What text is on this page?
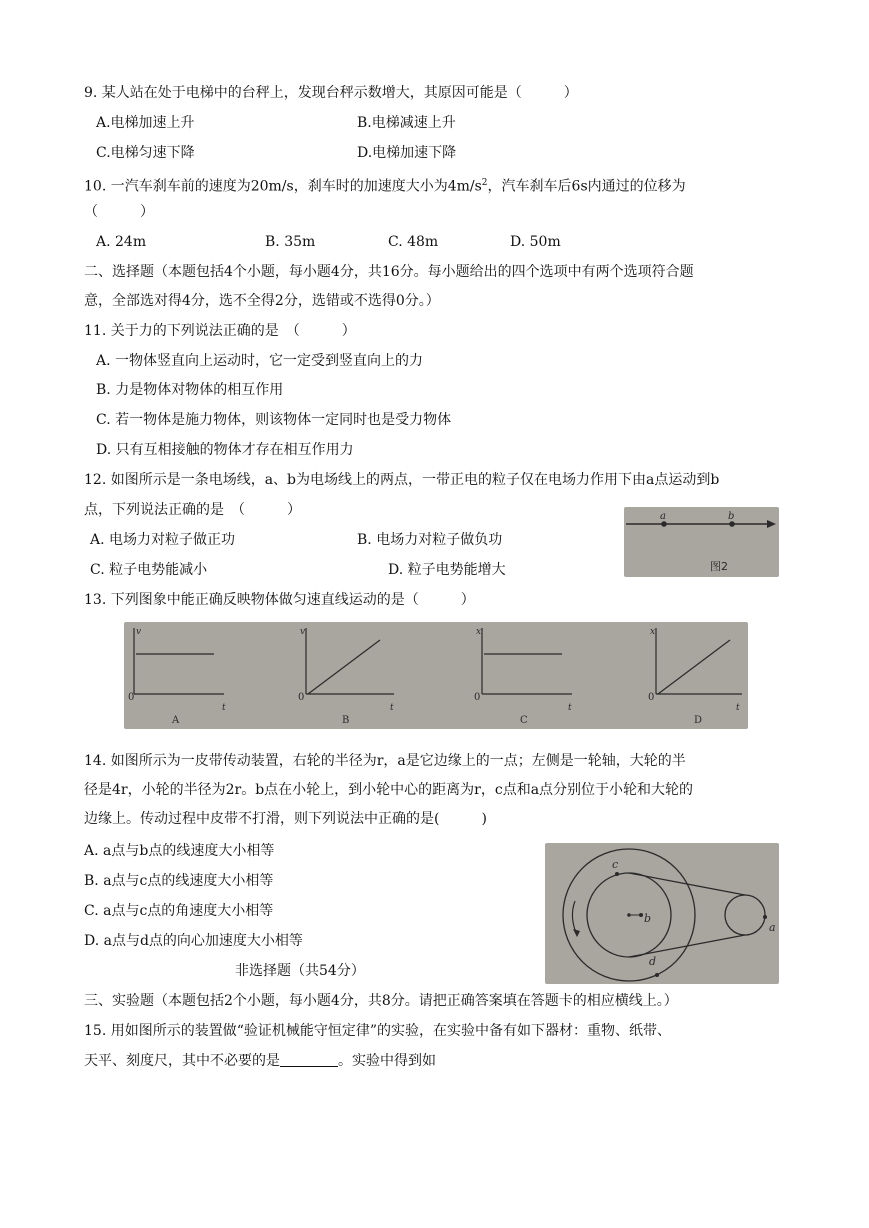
9. 某人站在处于电梯中的台秤上，发现台秤示数增大，其原因可能是（　　　）
A.电梯加速上升	B.电梯减速上升
C.电梯匀速下降	D.电梯加速下降
10. 一汽车刹车前的速度为20m/s，刹车时的加速度大小为$4m/s^2$，汽车刹车后6s内通过的位移为
（　　　）
A. 24m	B. 35m	C. 48m	D. 50m
二、选择题（本题包括4个小题，每小题4分，共16分。每小题给出的四个选项中有两个选项符合题
意，全部选对得4分，选不全得2分，选错或不选得0分。）
11. 关于力的下列说法正确的是　（　　　）
A. 一物体竖直向上运动时，它一定受到竖直向上的力
B. 力是物体对物体的相互作用
C. 若一物体是施力物体，则该物体一定同时也是受力物体
D. 只有互相接触的物体才存在相互作用力
12. 如图所示是一条电场线，a、b为电场线上的两点，一带正电的粒子仅在电场力作用下由a点运动到b
点，下列说法正确的是　（　　　）
A. 电场力对粒子做正功	B. 电场力对粒子做负功
C. 粒子电势能减小	D. 粒子电势能增大
a	b
图2
13. 下列图象中能正确反映物体做匀速直线运动的是（　　　）
0
v
t
A
0
v
t
B
0
x
t
C
0
x
t
D
14. 如图所示为一皮带传动装置，右轮的半径为r，a是它边缘上的一点；左侧是一轮轴，大轮的半
径是4r，小轮的半径为2r。b点在小轮上，到小轮中心的距离为r，c点和a点分别位于小轮和大轮的
边缘上。传动过程中皮带不打滑，则下列说法中正确的是(　　　)
A. a点与b点的线速度大小相等
B. a点与c点的线速度大小相等
C. a点与c点的角速度大小相等
D. a点与d点的向心加速度大小相等
c
b
a
d
非选择题（共54分）
三、实验题（本题包括2个小题，每小题4分，共8分。请把正确答案填在答题卡的相应横线上。）
15. 用如图所示的装置做“验证机械能守恒定律”的实验，在实验中备有如下器材：重物、纸带、
天平、刻度尺，其中不必要的是	。实验中得到如
